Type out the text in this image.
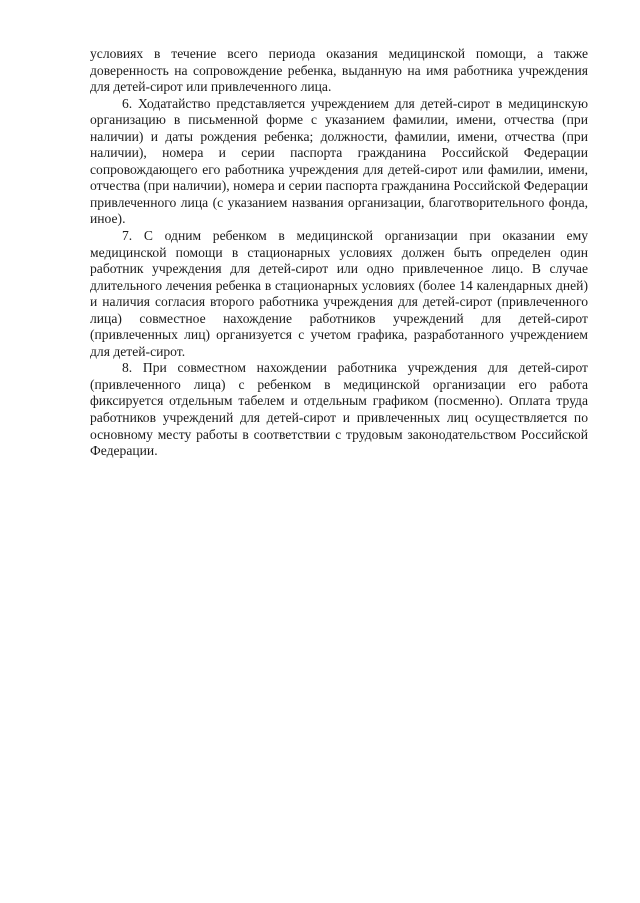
условиях в течение всего периода оказания медицинской помощи, а также доверенность на сопровождение ребенка, выданную на имя работника учреждения для детей-сирот или привлеченного лица.

6. Ходатайство представляется учреждением для детей-сирот в медицинскую организацию в письменной форме с указанием фамилии, имени, отчества (при наличии) и даты рождения ребенка; должности, фамилии, имени, отчества (при наличии), номера и серии паспорта гражданина Российской Федерации сопровождающего его работника учреждения для детей-сирот или фамилии, имени, отчества (при наличии), номера и серии паспорта гражданина Российской Федерации привлеченного лица (с указанием названия организации, благотворительного фонда, иное).

7. С одним ребенком в медицинской организации при оказании ему медицинской помощи в стационарных условиях должен быть определен один работник учреждения для детей-сирот или одно привлеченное лицо. В случае длительного лечения ребенка в стационарных условиях (более 14 календарных дней) и наличия согласия второго работника учреждения для детей-сирот (привлеченного лица) совместное нахождение работников учреждений для детей-сирот (привлеченных лиц) организуется с учетом графика, разработанного учреждением для детей-сирот.

8. При совместном нахождении работника учреждения для детей-сирот (привлеченного лица) с ребенком в медицинской организации его работа фиксируется отдельным табелем и отдельным графиком (посменно). Оплата труда работников учреждений для детей-сирот и привлеченных лиц осуществляется по основному месту работы в соответствии с трудовым законодательством Российской Федерации.
